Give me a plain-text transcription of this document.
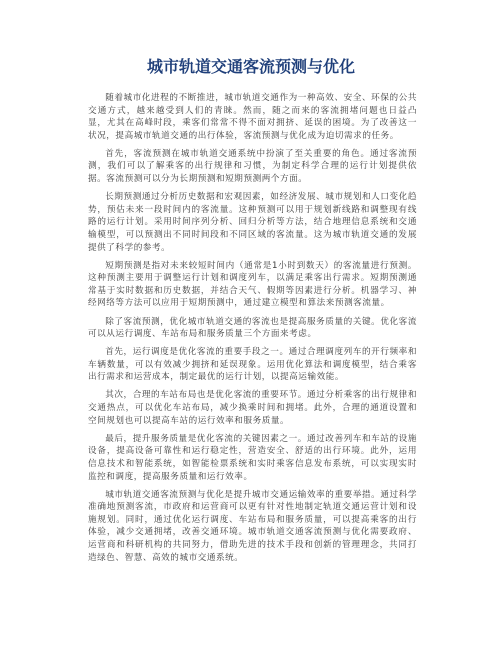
城市轨道交通客流预测与优化

随着城市化进程的不断推进，城市轨道交通作为一种高效、安全、环保的公共交通方式，越来越受到人们的青睐。然而，随之而来的客流拥堵问题也日益凸显，尤其在高峰时段，乘客们常常不得不面对拥挤、延误的困境。为了改善这一状况，提高城市轨道交通的出行体验，客流预测与优化成为迫切需求的任务。

首先，客流预测在城市轨道交通系统中扮演了至关重要的角色。通过客流预测，我们可以了解乘客的出行规律和习惯，为制定科学合理的运行计划提供依据。客流预测可以分为长期预测和短期预测两个方面。

长期预测通过分析历史数据和宏观因素，如经济发展、城市规划和人口变化趋势，预估未来一段时间内的客流量。这种预测可以用于规划新线路和调整现有线路的运行计划。采用时间序列分析、回归分析等方法，结合地理信息系统和交通输模型，可以预测出不同时间段和不同区域的客流量。这为城市轨道交通的发展提供了科学的参考。

短期预测是指对未来较短时间内（通常是1小时到数天）的客流量进行预测。这种预测主要用于调整运行计划和调度列车，以满足乘客出行需求。短期预测通常基于实时数据和历史数据，并结合天气、假期等因素进行分析。机器学习、神经网络等方法可以应用于短期预测中，通过建立模型和算法来预测客流量。

除了客流预测，优化城市轨道交通的客流也是提高服务质量的关键。优化客流可以从运行调度、车站布局和服务质量三个方面来考虑。

首先，运行调度是优化客流的重要手段之一。通过合理调度列车的开行频率和车辆数量，可以有效减少拥挤和延误现象。运用优化算法和调度模型，结合乘客出行需求和运营成本，制定最优的运行计划，以提高运输效能。

其次，合理的车站布局也是优化客流的重要环节。通过分析乘客的出行规律和交通热点，可以优化车站布局，减少换乘时间和拥堵。此外，合理的通道设置和空间规划也可以提高车站的运行效率和服务质量。

最后，提升服务质量是优化客流的关键因素之一。通过改善列车和车站的设施设备，提高设备可靠性和运行稳定性，营造安全、舒适的出行环境。此外，运用信息技术和智能系统，如智能检票系统和实时乘客信息发布系统，可以实现实时监控和调度，提高服务质量和运行效率。

城市轨道交通客流预测与优化是提升城市交通运输效率的重要举措。通过科学准确地预测客流，市政府和运营商可以更有针对性地制定轨道交通运营计划和设施规划。同时，通过优化运行调度、车站布局和服务质量，可以提高乘客的出行体验，减少交通拥堵，改善交通环境。城市轨道交通客流预测与优化需要政府、运营商和科研机构的共同努力，借助先进的技术手段和创新的管理理念，共同打造绿色、智慧、高效的城市交通系统。
